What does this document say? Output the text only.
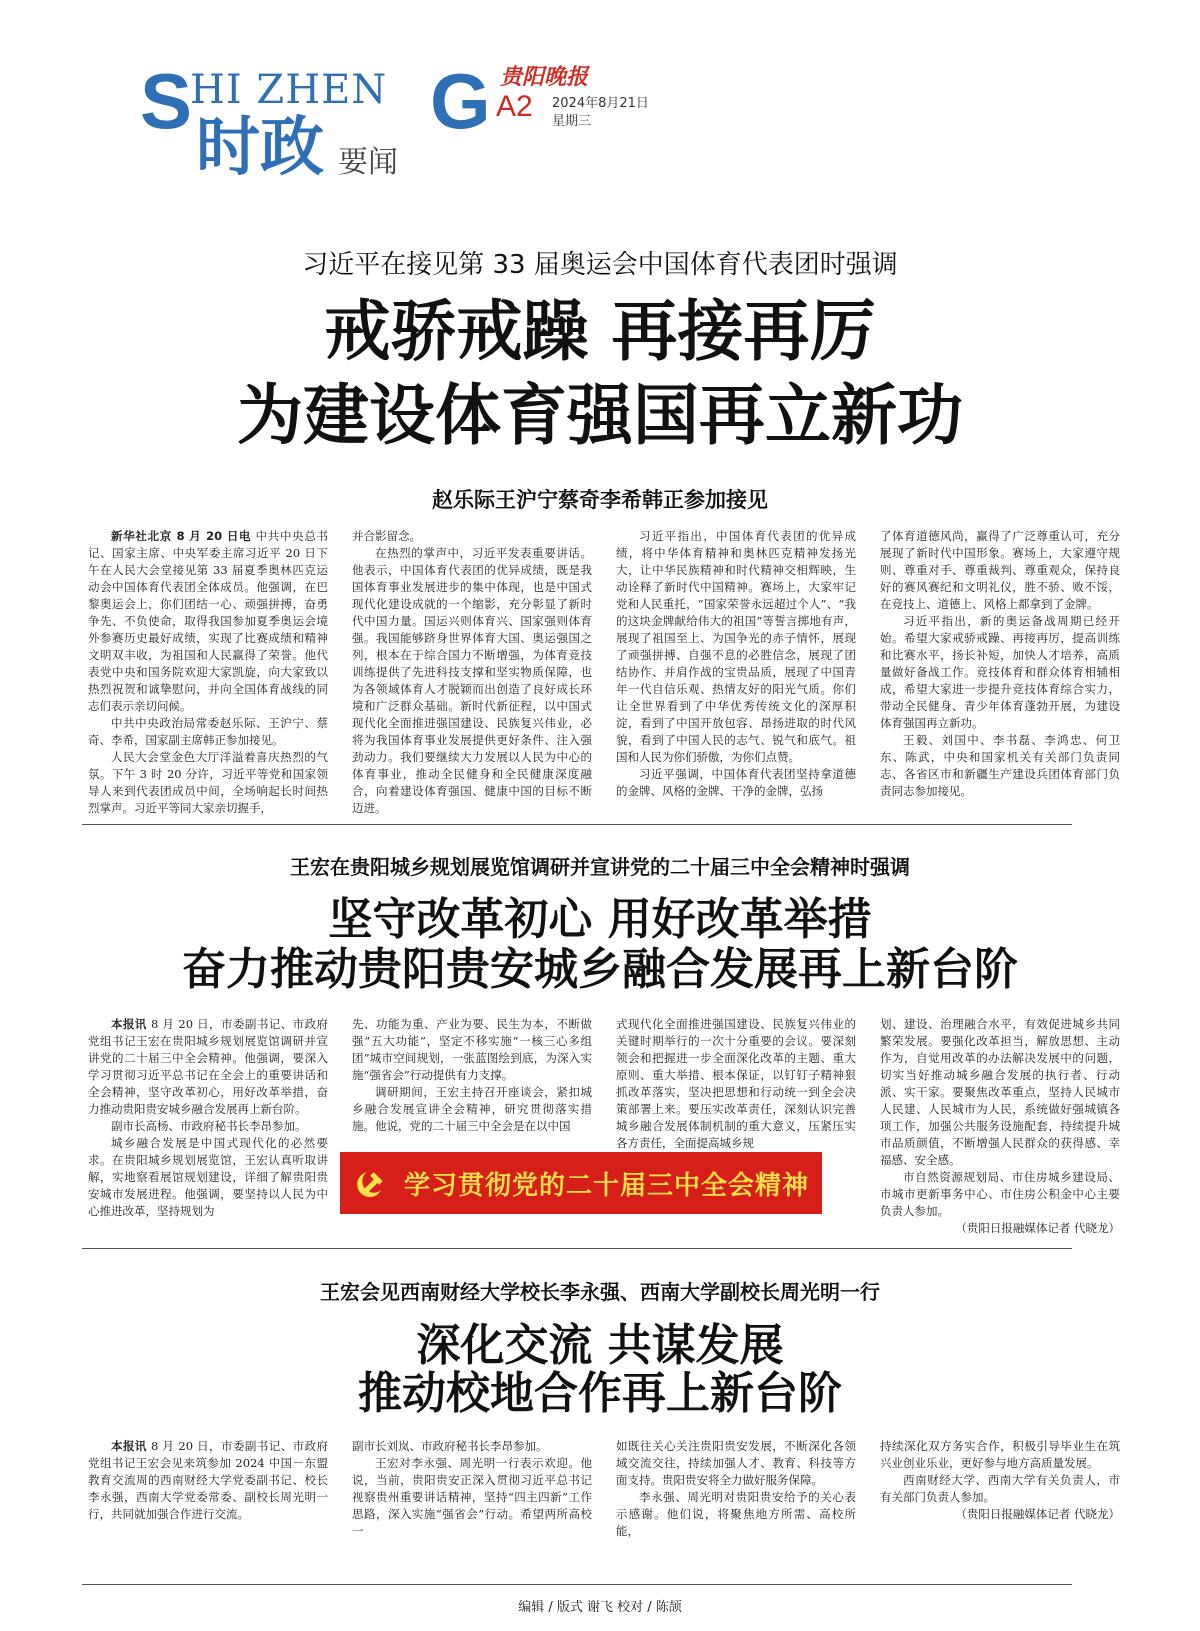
S
HI ZHEN G
时政 要闻
贵阳晚报
A2 2024年8月21日
星期三
习近平在接见第 33 届奥运会中国体育代表团时强调
戒骄戒躁 再接再厉
为建设体育强国再立新功
赵乐际王沪宁蔡奇李希韩正参加接见

新华社北京 8 月 20 日电 中共中央总书记、国家主席、中央军委主席习近平 20 日下午在人民大会堂接见第 33 届夏季奥林匹克运动会中国体育代表团全体成员。他强调，在巴黎奥运会上，你们团结一心、顽强拼搏，奋勇争先、不负使命，取得我国参加夏季奥运会境外参赛历史最好成绩，实现了比赛成绩和精神文明双丰收，为祖国和人民赢得了荣誉。他代表党中央和国务院欢迎大家凯旋，向大家致以热烈祝贺和诚挚慰问，并向全国体育战线的同志们表示亲切问候。

中共中央政治局常委赵乐际、王沪宁、蔡奇、李希，国家副主席韩正参加接见。

人民大会堂金色大厅洋溢着喜庆热烈的气氛。下午 3 时 20 分许，习近平等党和国家领导人来到代表团成员中间，全场响起长时间热烈掌声。习近平等同大家亲切握手，

并合影留念。

在热烈的掌声中，习近平发表重要讲话。他表示，中国体育代表团的优异成绩，既是我国体育事业发展进步的集中体现，也是中国式现代化建设成就的一个缩影，充分彰显了新时代中国力量。国运兴则体育兴、国家强则体育强。我国能够跻身世界体育大国、奥运强国之列，根本在于综合国力不断增强，为体育竞技训练提供了先进科技支撑和坚实物质保障，也为各领域体育人才脱颖而出创造了良好成长环境和广泛群众基础。新时代新征程，以中国式现代化全面推进强国建设、民族复兴伟业，必将为我国体育事业发展提供更好条件、注入强劲动力。我们要继续大力发展以人民为中心的体育事业，推动全民健身和全民健康深度融合，向着建设体育强国、健康中国的目标不断迈进。

习近平指出，中国体育代表团的优异成绩，将中华体育精神和奥林匹克精神发扬光大，让中华民族精神和时代精神交相辉映，生动诠释了新时代中国精神。赛场上，大家牢记党和人民重托，“国家荣誉永远超过个人”、“我的这块金牌献给伟大的祖国”等誓言掷地有声，展现了祖国至上、为国争光的赤子情怀，展现了顽强拼搏、自强不息的必胜信念，展现了团结协作、并肩作战的宝贵品质，展现了中国青年一代自信乐观、热情友好的阳光气质。你们让全世界看到了中华优秀传统文化的深厚积淀，看到了中国开放包容、昂扬进取的时代风貌，看到了中国人民的志气、锐气和底气。祖国和人民为你们骄傲，为你们点赞。

习近平强调，中国体育代表团坚持拿道德的金牌、风格的金牌、干净的金牌，弘扬

了体育道德风尚，赢得了广泛尊重认可，充分展现了新时代中国形象。赛场上，大家遵守规则、尊重对手、尊重裁判、尊重观众，保持良好的赛风赛纪和文明礼仪，胜不骄、败不馁，在竞技上、道德上、风格上都拿到了金牌。

习近平指出，新的奥运备战周期已经开始。希望大家戒骄戒躁、再接再厉，提高训练和比赛水平，扬长补短，加快人才培养，高质量做好备战工作。竞技体育和群众体育相辅相成，希望大家进一步提升竞技体育综合实力，带动全民健身、青少年体育蓬勃开展，为建设体育强国再立新功。

王毅、刘国中、李书磊、李鸿忠、何卫东、陈武，中央和国家机关有关部门负责同志、各省区市和新疆生产建设兵团体育部门负责同志参加接见。

王宏在贵阳城乡规划展览馆调研并宣讲党的二十届三中全会精神时强调
坚守改革初心 用好改革举措
奋力推动贵阳贵安城乡融合发展再上新台阶

本报讯 8 月 20 日，市委副书记、市政府党组书记王宏在贵阳城乡规划展览馆调研并宣讲党的二十届三中全会精神。他强调，要深入学习贯彻习近平总书记在全会上的重要讲话和全会精神，坚守改革初心，用好改革举措，奋力推动贵阳贵安城乡融合发展再上新台阶。

副市长高杨、市政府秘书长李昂参加。

城乡融合发展是中国式现代化的必然要求。在贵阳城乡规划展览馆，王宏认真听取讲解，实地察看展馆规划建设，详细了解贵阳贵安城市发展进程。他强调，要坚持以人民为中心推进改革，坚持规划为

先、功能为重、产业为要、民生为本，不断做强“五大功能”，坚定不移实施“一核三心多组团”城市空间规划，一张蓝图绘到底，为深入实施“强省会”行动提供有力支撑。

调研期间，王宏主持召开座谈会，紧扣城乡融合发展宣讲全会精神，研究贯彻落实措施。他说，党的二十届三中全会是在以中国

式现代化全面推进强国建设、民族复兴伟业的关键时期举行的一次十分重要的会议。要深刻领会和把握进一步全面深化改革的主题、重大原则、重大举措、根本保证，以钉钉子精神狠抓改革落实，坚决把思想和行动统一到全会决策部署上来。要压实改革责任，深刻认识完善城乡融合发展体制机制的重大意义，压紧压实各方责任，全面提高城乡规

划、建设、治理融合水平，有效促进城乡共同繁荣发展。要强化改革担当，解放思想、主动作为，自觉用改革的办法解决发展中的问题，切实当好推动城乡融合发展的执行者、行动派、实干家。要聚焦改革重点，坚持人民城市人民建、人民城市为人民，系统做好强城镇各项工作，加强公共服务设施配套，持续提升城市品质颜值，不断增强人民群众的获得感、幸福感、安全感。

市自然资源规划局、市住房城乡建设局、市城市更新事务中心、市住房公积金中心主要负责人参加。

（贵阳日报融媒体记者 代晓龙）

学习贯彻党的二十届三中全会精神
王宏会见西南财经大学校长李永强、西南大学副校长周光明一行
深化交流 共谋发展
推动校地合作再上新台阶

本报讯 8 月 20 日，市委副书记、市政府党组书记王宏会见来筑参加 2024 中国－东盟教育交流周的西南财经大学党委副书记、校长李永强，西南大学党委常委、副校长周光明一行，共同就加强合作进行交流。

副市长刘岚、市政府秘书长李昂参加。

王宏对李永强、周光明一行表示欢迎。他说，当前，贵阳贵安正深入贯彻习近平总书记视察贵州重要讲话精神，坚持“四主四新”工作思路，深入实施“强省会”行动。希望两所高校一

如既往关心关注贵阳贵安发展，不断深化各领域交流交往，持续加强人才、教育、科技等方面支持。贵阳贵安将全力做好服务保障。

李永强、周光明对贵阳贵安给予的关心表示感谢。他们说，将聚焦地方所需、高校所能，

持续深化双方务实合作，积极引导毕业生在筑兴业创业乐业，更好参与地方高质量发展。

西南财经大学、西南大学有关负责人，市有关部门负责人参加。

（贵阳日报融媒体记者 代晓龙）

编辑 / 版式 谢飞 校对 / 陈颉
